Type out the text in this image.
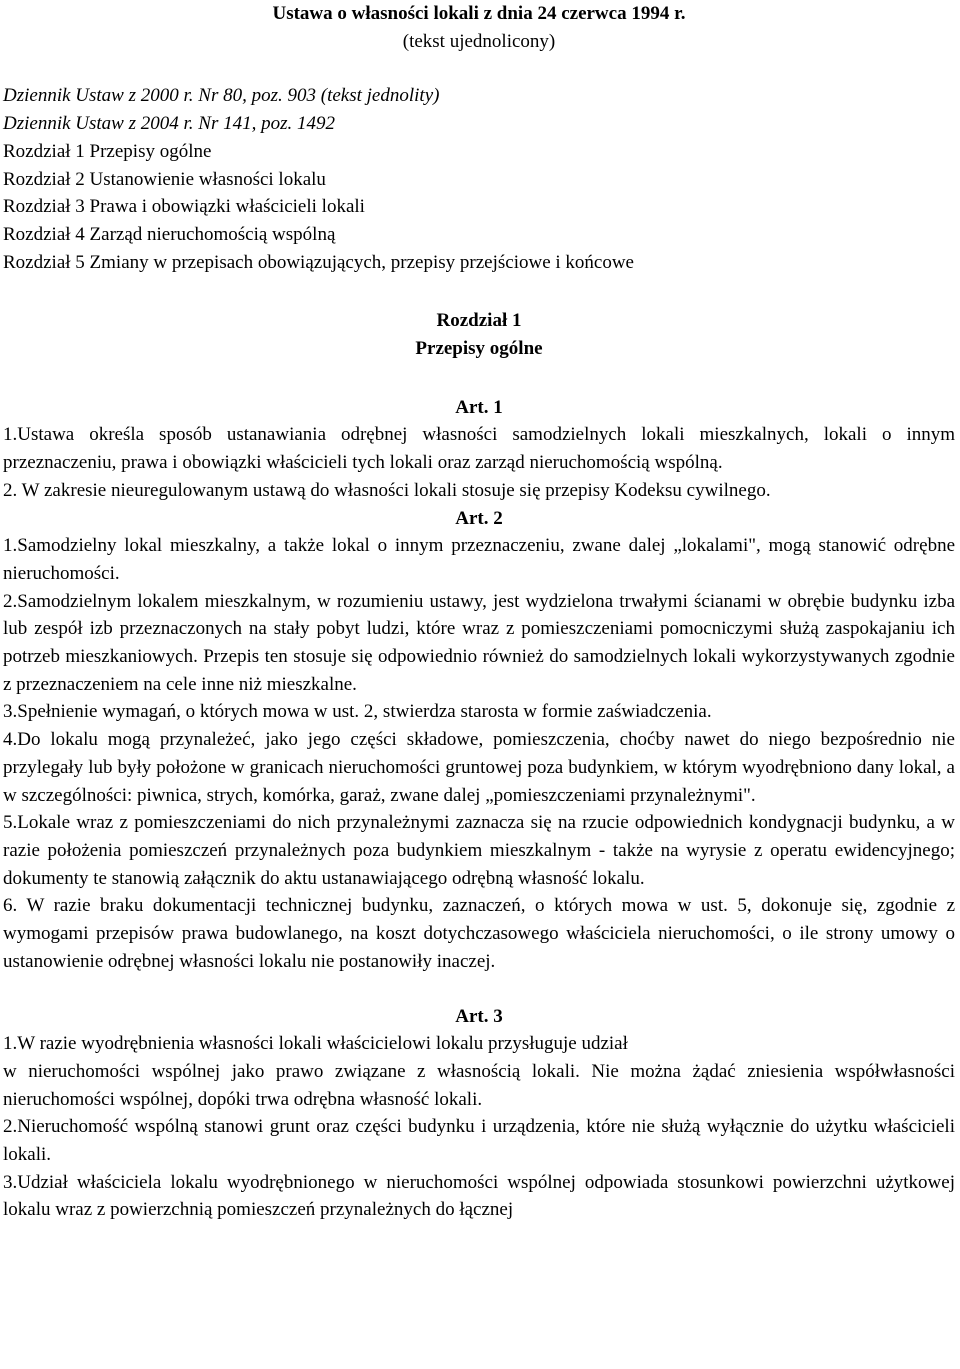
Ustawa o własności lokali z dnia 24 czerwca 1994 r.

(tekst ujednolicony)

Dziennik Ustaw z 2000 r. Nr 80, poz. 903 (tekst jednolity)

Dziennik Ustaw z 2004 r. Nr 141, poz. 1492

Rozdział 1 Przepisy ogólne

Rozdział 2 Ustanowienie własności lokalu

Rozdział 3 Prawa i obowiązki właścicieli lokali

Rozdział 4 Zarząd nieruchomością wspólną

Rozdział 5 Zmiany w przepisach obowiązujących, przepisy przejściowe i końcowe

Rozdział 1

Przepisy ogólne

Art. 1

1.Ustawa określa sposób ustanawiania odrębnej własności samodzielnych lokali mieszkalnych, lokali o innym przeznaczeniu, prawa i obowiązki właścicieli tych lokali oraz zarząd nieruchomością wspólną.

2. W zakresie nieuregulowanym ustawą do własności lokali stosuje się przepisy Kodeksu cywilnego.

Art. 2

1.Samodzielny lokal mieszkalny, a także lokal o innym przeznaczeniu, zwane dalej „lokalami", mogą stanowić odrębne nieruchomości.

2.Samodzielnym lokalem mieszkalnym, w rozumieniu ustawy, jest wydzielona trwałymi ścianami w obrębie budynku izba lub zespół izb przeznaczonych na stały pobyt ludzi, które wraz z pomieszczeniami pomocniczymi służą zaspokajaniu ich potrzeb mieszkaniowych. Przepis ten stosuje się odpowiednio również do samodzielnych lokali wykorzystywanych zgodnie z przeznaczeniem na cele inne niż mieszkalne.

3.Spełnienie wymagań, o których mowa w ust. 2, stwierdza starosta w formie zaświadczenia.

4.Do lokalu mogą przynależeć, jako jego części składowe, pomieszczenia, choćby nawet do niego bezpośrednio nie przylegały lub były położone w granicach nieruchomości gruntowej poza budynkiem, w którym wyodrębniono dany lokal, a w szczególności: piwnica, strych, komórka, garaż, zwane dalej „pomieszczeniami przynależnymi".

5.Lokale wraz z pomieszczeniami do nich przynależnymi zaznacza się na rzucie odpowiednich kondygnacji budynku, a w razie położenia pomieszczeń przynależnych poza budynkiem mieszkalnym - także na wyrysie z operatu ewidencyjnego; dokumenty te stanowią załącznik do aktu ustanawiającego odrębną własność lokalu.

6. W razie braku dokumentacji technicznej budynku, zaznaczeń, o których mowa w ust. 5, dokonuje się, zgodnie z wymogami przepisów prawa budowlanego, na koszt dotychczasowego właściciela nieruchomości, o ile strony umowy o ustanowienie odrębnej własności lokalu nie postanowiły inaczej.

Art. 3

1.W razie wyodrębnienia własności lokali właścicielowi lokalu przysługuje udział

w nieruchomości wspólnej jako prawo związane z własnością lokali. Nie można żądać zniesienia współwłasności nieruchomości wspólnej, dopóki trwa odrębna własność lokali.

2.Nieruchomość wspólną stanowi grunt oraz części budynku i urządzenia, które nie służą wyłącznie do użytku właścicieli lokali.

3.Udział właściciela lokalu wyodrębnionego w nieruchomości wspólnej odpowiada stosunkowi powierzchni użytkowej lokalu wraz z powierzchnią pomieszczeń przynależnych do łącznej
